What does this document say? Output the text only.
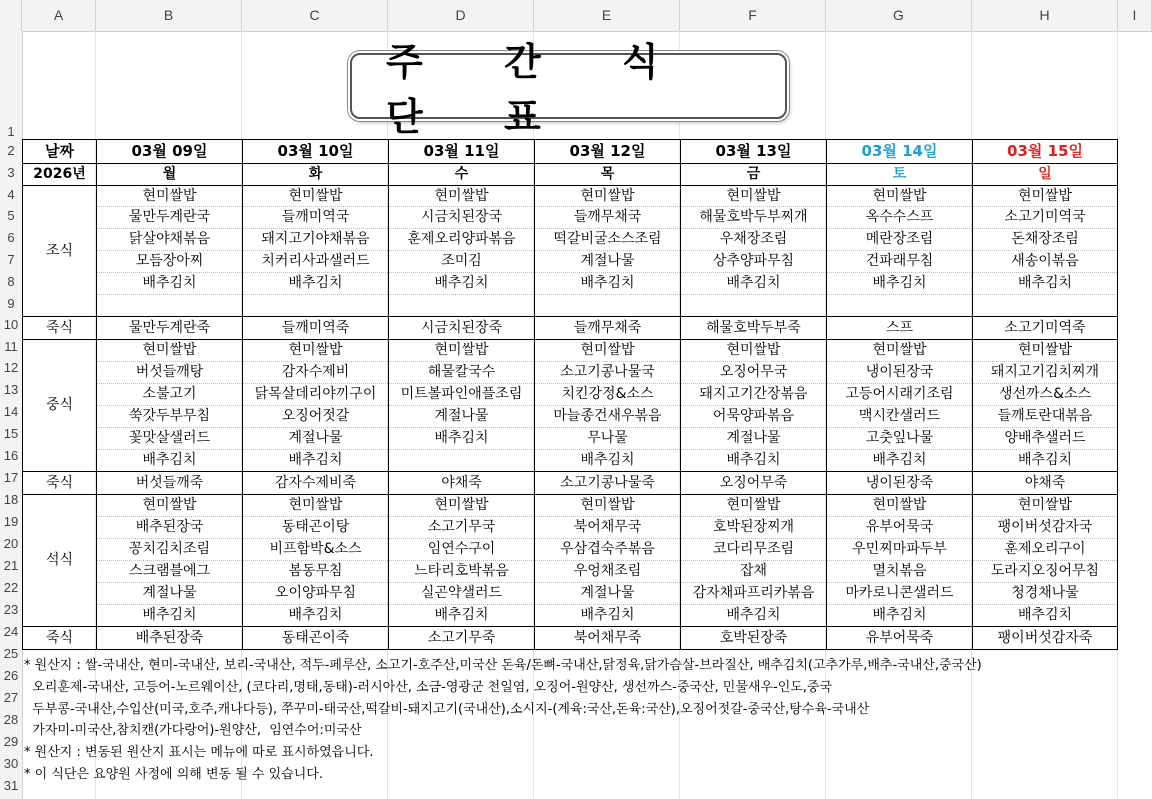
A	B	C	D	E	F	G	H	I
1
2
3
4
5
6
7
8
9
10
11
12
13
14
15
16
17
18
19
20
21
22
23
24
25
26
27
28
29
30
31
주 간 식 단 표
날짜	03월 09일	03월 10일	03월 11일	03월 12일	03월 13일	03월 14일	03월 15일
2026년	월	화	수	목	금	토	일
조식	현미쌀밥	현미쌀밥	현미쌀밥	현미쌀밥	현미쌀밥	현미쌀밥	현미쌀밥
	물만두계란국	들깨미역국	시금치된장국	들깨무채국	해물호박두부찌개	옥수수스프	소고기미역국
	닭살야채볶음	돼지고기야채볶음	훈제오리양파볶음	떡갈비굴소스조림	우채장조림	메란장조림	돈채장조림
	모듬장아찌	치커리사과샐러드	조미김	계절나물	상추양파무침	건파래무침	새송이볶음
	배추김치	배추김치	배추김치	배추김치	배추김치	배추김치	배추김치

죽식	물만두계란죽	들깨미역죽	시금치된장죽	들깨무채죽	해물호박두부죽	스프	소고기미역죽
중식	현미쌀밥	현미쌀밥	현미쌀밥	현미쌀밥	현미쌀밥	현미쌀밥	현미쌀밥
	버섯들깨탕	감자수제비	해물칼국수	소고기콩나물국	오징어무국	냉이된장국	돼지고기김치찌개
	소불고기	닭목살데리야끼구이	미트볼파인애플조림	치킨강정&소스	돼지고기간장볶음	고등어시래기조림	생선까스&소스
	쑥갓두부무침	오징어젓갈	계절나물	마늘종건새우볶음	어묵양파볶음	맥시칸샐러드	들깨토란대볶음
	꽃맛살샐러드	계절나물	배추김치	무나물	계절나물	고춧잎나물	양배추샐러드
	배추김치	배추김치		배추김치	배추김치	배추김치	배추김치
죽식	버섯들깨죽	감자수제비죽	야채죽	소고기콩나물죽	오징어무죽	냉이된장죽	야채죽
석식	현미쌀밥	현미쌀밥	현미쌀밥	현미쌀밥	현미쌀밥	현미쌀밥	현미쌀밥
	배추된장국	동태곤이탕	소고기무국	북어채무국	호박된장찌개	유부어묵국	팽이버섯감자국
	꽁치김치조림	비프함박&소스	임연수구이	우삼겹숙주볶음	코다리무조림	우민찌마파두부	훈제오리구이
	스크램블에그	봄동무침	느타리호박볶음	우엉채조림	잡채	멸치볶음	도라지오징어무침
	계절나물	오이양파무침	실곤약샐러드	계절나물	감자채파프리카볶음	마카로니콘샐러드	청경채나물
	배추김치	배추김치	배추김치	배추김치	배추김치	배추김치	배추김치
죽식	배추된장죽	동태곤이죽	소고기무죽	북어채무죽	호박된장죽	유부어묵죽	팽이버섯감자죽
* 원산지 : 쌀-국내산, 현미-국내산, 보리-국내산, 적두-페루산, 소고기-호주산,미국산 돈육/돈뼈-국내산,닭정육,닭가슴살-브라질산, 배추김치(고추가루,배추-국내산,중국산)
오리훈제-국내산, 고등어-노르웨이산, (코다리,명태,동태)-러시아산, 소금-영광군 천일염, 오징어-원양산, 생선까스-중국산, 민물새우-인도,중국
두부콩-국내산,수입산(미국,호주,캐나다등), 쭈꾸미-태국산,떡갈비-돼지고기(국내산),소시지-(계육:국산,돈육:국산),오징어젓갈-중국산,탕수육-국내산
가자미-미국산,참치캔(가다랑어)-원양산,  임연수어:미국산
* 원산지 : 변동된 원산지 표시는 메뉴에 따로 표시하였읍니다.
* 이 식단은 요양원 사정에 의해 변동 될 수 있습니다.
